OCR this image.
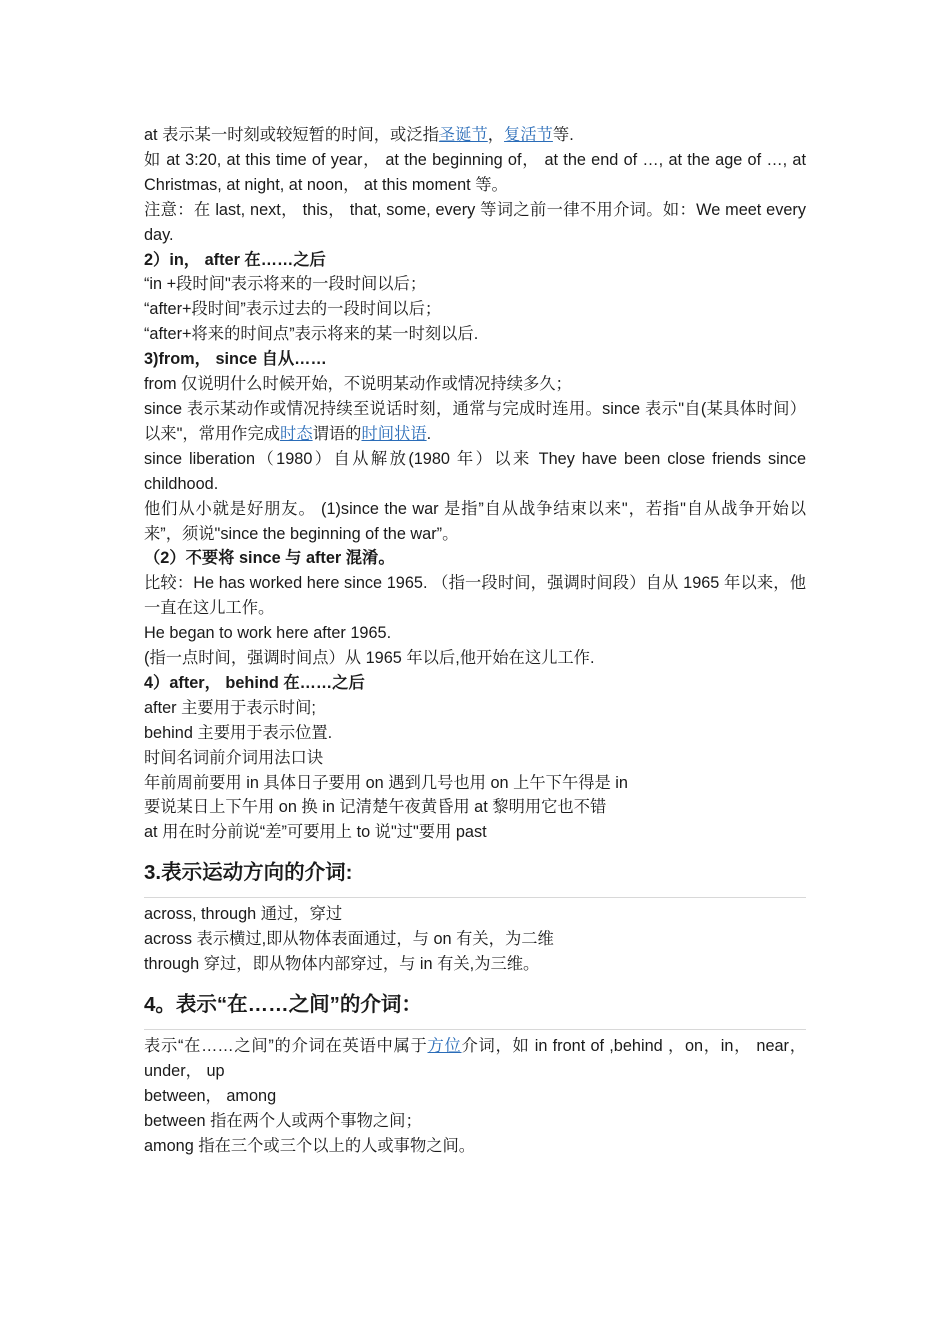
at 表示某一时刻或较短暂的时间，或泛指圣诞节，复活节等.

如 at 3:20, at this time of year， at the beginning of， at the end of …, at the age of …, at Christmas, at night, at noon， at this moment 等。

注意：在 last, next， this， that, some, every 等词之前一律不用介词。如：We meet every day.

2）in， after 在……之后

“in +段时间"表示将来的一段时间以后；

“after+段时间”表示过去的一段时间以后；

“after+将来的时间点”表示将来的某一时刻以后.

3)from， since 自从……

from 仅说明什么时候开始，不说明某动作或情况持续多久；

since 表示某动作或情况持续至说话时刻，通常与完成时连用。since 表示"自(某具体时间）以来"，常用作完成时态谓语的时间状语.

since liberation（1980）自从解放(1980 年）以来 They have been close friends since childhood.

他们从小就是好朋友。 (1)since the war 是指”自从战争结束以来"，若指"自从战争开始以来”，须说"since the beginning of the war”。

（2）不要将 since 与 after 混淆。

比较：He has worked here since 1965. （指一段时间，强调时间段）自从 1965 年以来，他一直在这儿工作。

He began to work here after 1965.

(指一点时间，强调时间点）从 1965 年以后,他开始在这儿工作.

4）after， behind 在……之后

after 主要用于表示时间;

behind 主要用于表示位置.

时间名词前介词用法口诀

年前周前要用 in 具体日子要用 on 遇到几号也用 on 上午下午得是 in

要说某日上下午用 on 换 in 记清楚午夜黄昏用 at 黎明用它也不错

at 用在时分前说“差”可要用上 to 说"过"要用 past

3.表示运动方向的介词:

across, through 通过，穿过

across 表示横过,即从物体表面通过，与 on 有关，为二维

through 穿过，即从物体内部穿过，与 in 有关,为三维。

4。表示“在……之间”的介词：

表示“在……之间”的介词在英语中属于方位介词，如 in front of ,behind ，on，in， near， under， up

between， among

between 指在两个人或两个事物之间；

among 指在三个或三个以上的人或事物之间。
